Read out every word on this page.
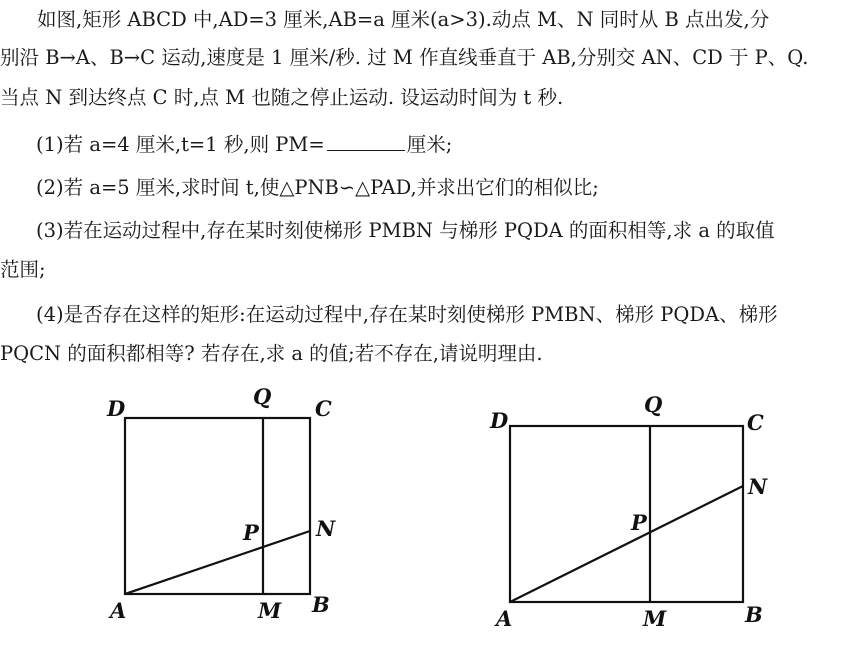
如图,矩形 ABCD 中,AD=3 厘米,AB=a 厘米(a>3).动点 M、N 同时从 B 点出发,分
别沿 B→A、B→C 运动,速度是 1 厘米/秒. 过 M 作直线垂直于 AB,分别交 AN、CD 于 P、Q.
当点 N 到达终点 C 时,点 M 也随之停止运动. 设运动时间为 t 秒.
(1)若 a=4 厘米,t=1 秒,则 PM=	厘米;
(2)若 a=5 厘米,求时间 t,使△PNB∽△PAD,并求出它们的相似比;
(3)若在运动过程中,存在某时刻使梯形 PMBN 与梯形 PQDA 的面积相等,求 a 的取值
范围;
(4)是否存在这样的矩形:在运动过程中,存在某时刻使梯形 PMBN、梯形 PQDA、梯形
PQCN 的面积都相等? 若存在,求 a 的值;若不存在,请说明理由.
D	Q C
P	N
A	M B
D
Q
C
P
N
A	M	B
